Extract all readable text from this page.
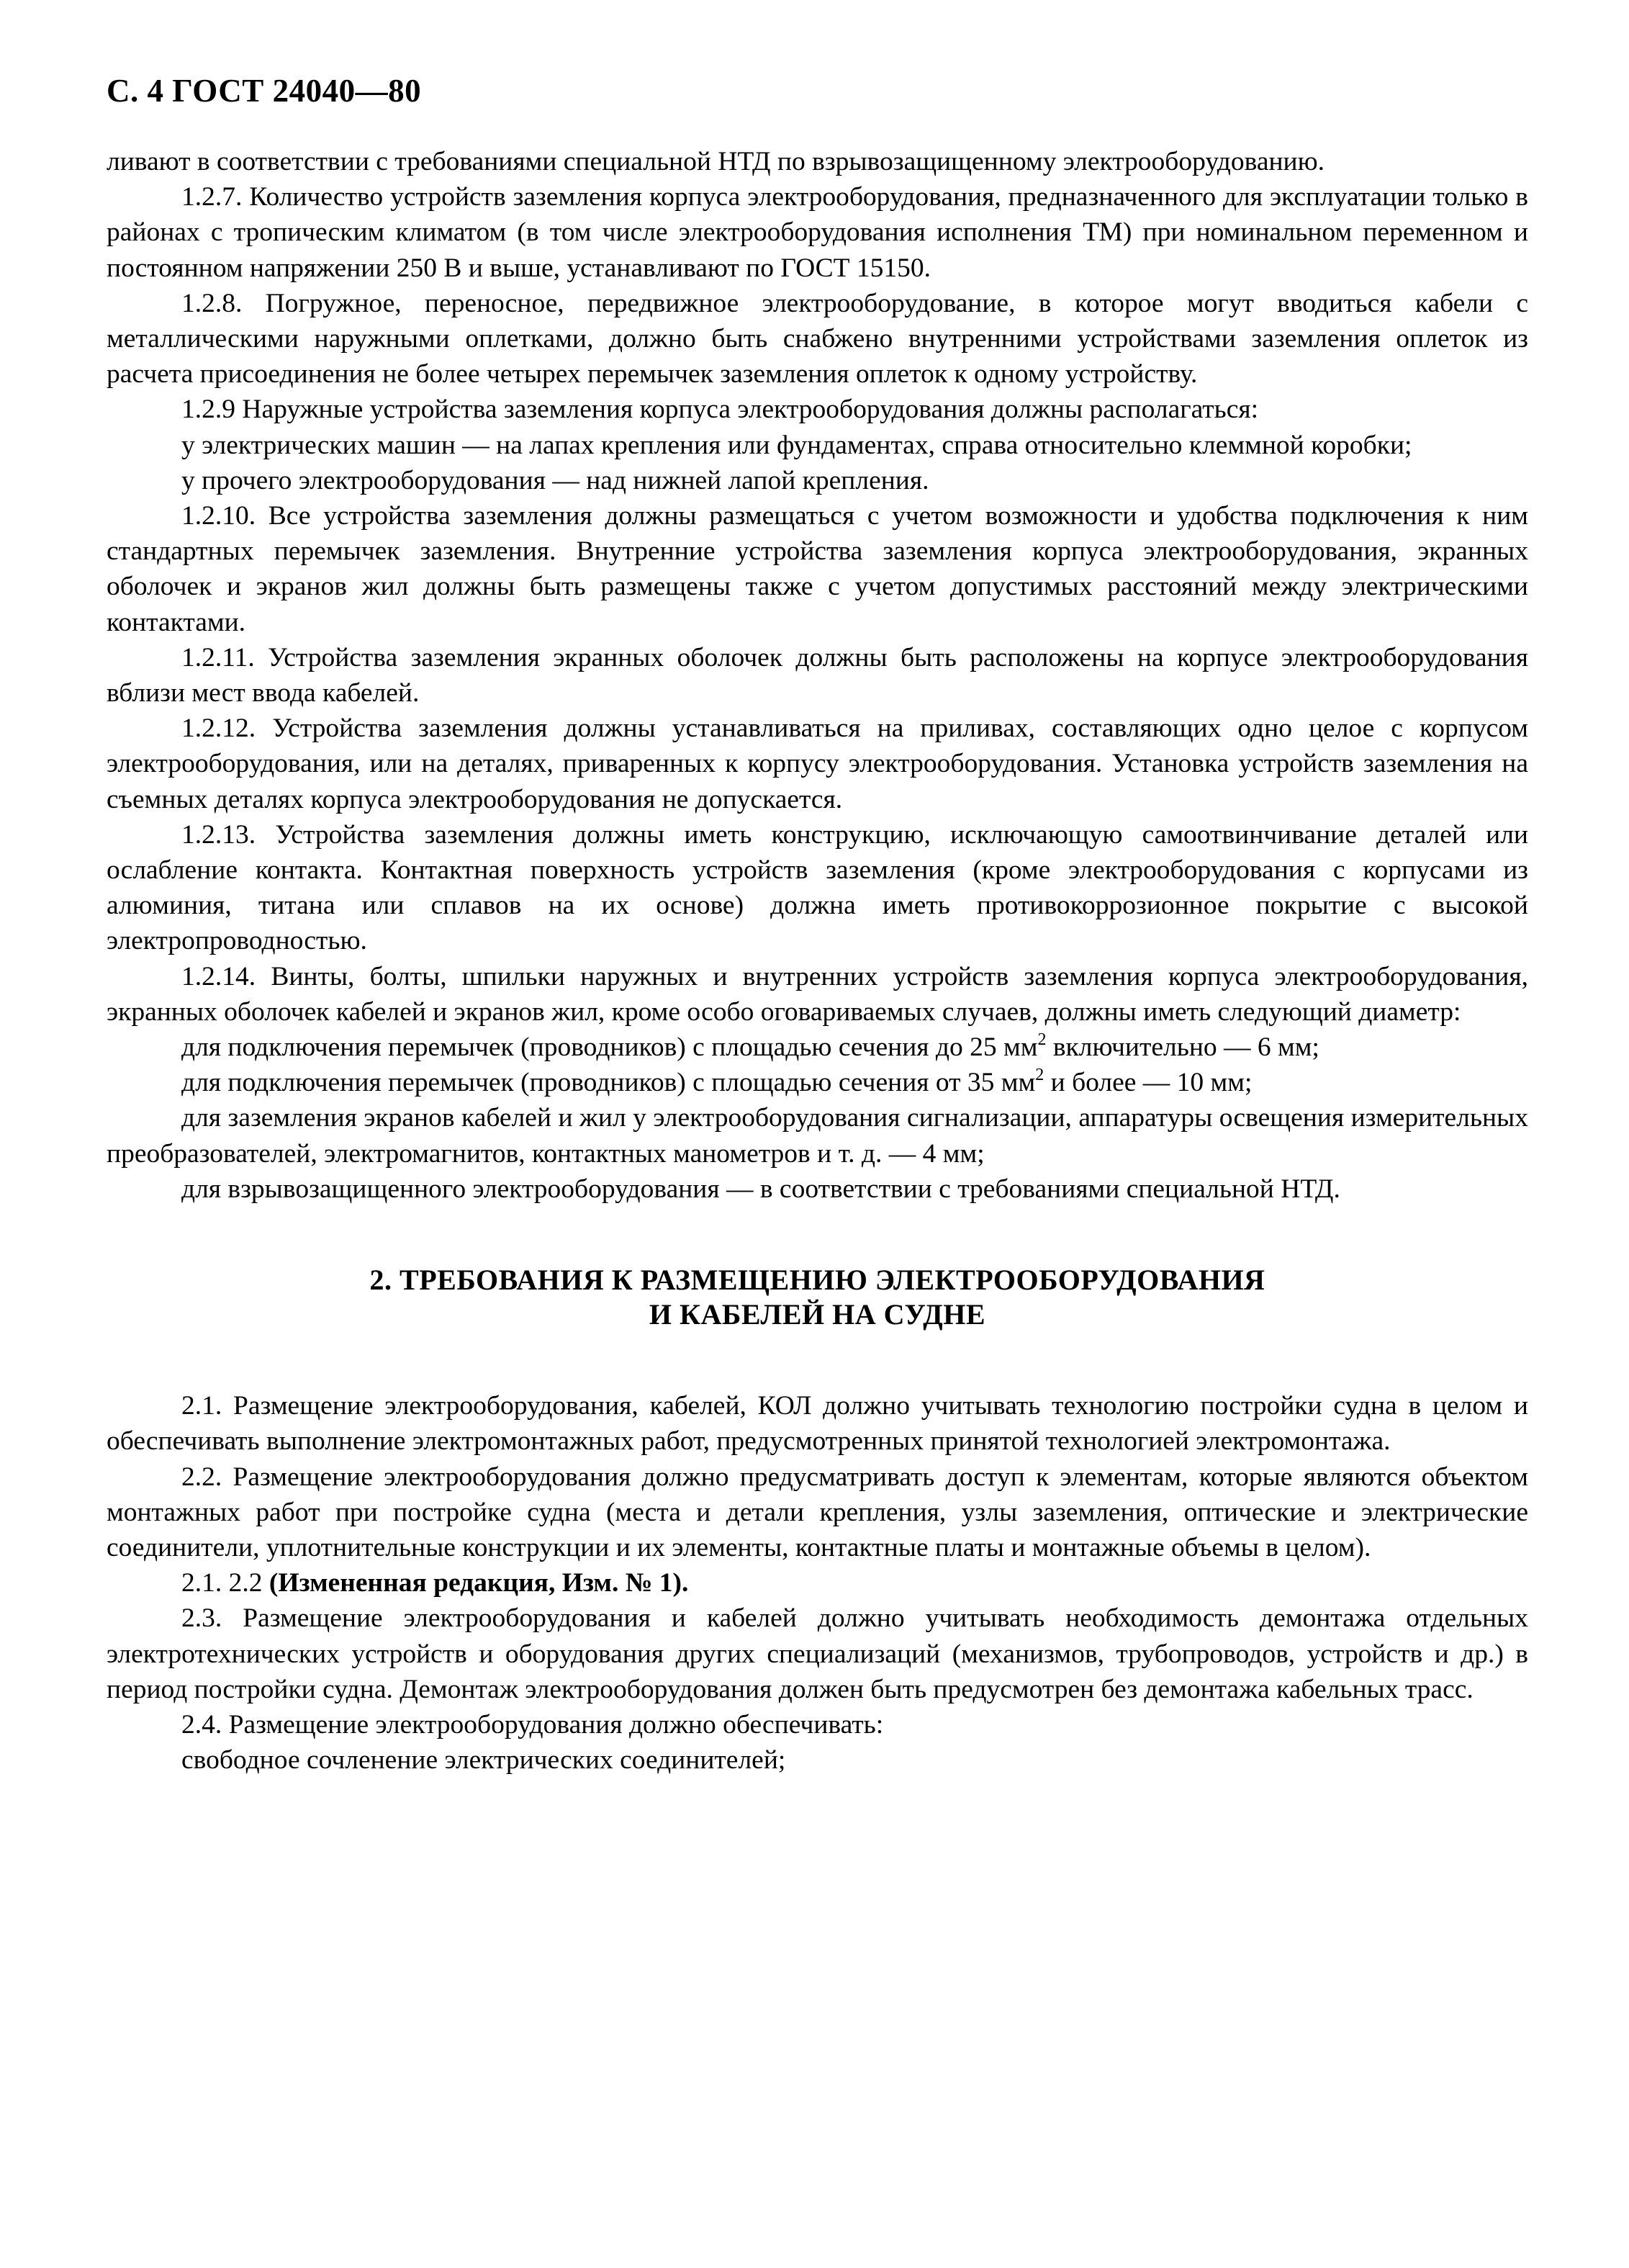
С. 4 ГОСТ 24040—80

ливают в соответствии с требованиями специальной НТД по взрывозащищенному электрооборудованию.

1.2.7. Количество устройств заземления корпуса электрооборудования, предназначенного для эксплуатации только в районах с тропическим климатом (в том числе электрооборудования исполнения ТМ) при номинальном переменном и постоянном напряжении 250 В и выше, устанавливают по ГОСТ 15150.

1.2.8. Погружное, переносное, передвижное электрооборудование, в которое могут вводиться кабели с металлическими наружными оплетками, должно быть снабжено внутренними устройствами заземления оплеток из расчета присоединения не более четырех перемычек заземления оплеток к одному устройству.

1.2.9 Наружные устройства заземления корпуса электрооборудования должны располагаться:

у электрических машин — на лапах крепления или фундаментах, справа относительно клеммной коробки;

у прочего электрооборудования — над нижней лапой крепления.

1.2.10. Все устройства заземления должны размещаться с учетом возможности и удобства подключения к ним стандартных перемычек заземления. Внутренние устройства заземления корпуса электрооборудования, экранных оболочек и экранов жил должны быть размещены также с учетом допустимых расстояний между электрическими контактами.

1.2.11. Устройства заземления экранных оболочек должны быть расположены на корпусе электрооборудования вблизи мест ввода кабелей.

1.2.12. Устройства заземления должны устанавливаться на приливах, составляющих одно целое с корпусом электрооборудования, или на деталях, приваренных к корпусу электрооборудования. Установка устройств заземления на съемных деталях корпуса электрооборудования не допускается.

1.2.13. Устройства заземления должны иметь конструкцию, исключающую самоотвинчивание деталей или ослабление контакта. Контактная поверхность устройств заземления (кроме электрооборудования с корпусами из алюминия, титана или сплавов на их основе) должна иметь противокоррозионное покрытие с высокой электропроводностью.

1.2.14. Винты, болты, шпильки наружных и внутренних устройств заземления корпуса электрооборудования, экранных оболочек кабелей и экранов жил, кроме особо оговариваемых случаев, должны иметь следующий диаметр:

для подключения перемычек (проводников) с площадью сечения до 25 $мм^2$ включительно — 6 мм;

для подключения перемычек (проводников) с площадью сечения от 35 $мм^2$ и более — 10 мм;

для заземления экранов кабелей и жил у электрооборудования сигнализации, аппаратуры освещения измерительных преобразователей, электромагнитов, контактных манометров и т. д. — 4 мм;

для взрывозащищенного электрооборудования — в соответствии с требованиями специальной НТД.

2. ТРЕБОВАНИЯ К РАЗМЕЩЕНИЮ ЭЛЕКТРООБОРУДОВАНИЯ
И КАБЕЛЕЙ НА СУДНЕ

2.1. Размещение электрооборудования, кабелей, КОЛ должно учитывать технологию постройки судна в целом и обеспечивать выполнение электромонтажных работ, предусмотренных принятой технологией электромонтажа.

2.2. Размещение электрооборудования должно предусматривать доступ к элементам, которые являются объектом монтажных работ при постройке судна (места и детали крепления, узлы заземления, оптические и электрические соединители, уплотнительные конструкции и их элементы, контактные платы и монтажные объемы в целом).

2.1. 2.2 (Измененная редакция, Изм. № 1).

2.3. Размещение электрооборудования и кабелей должно учитывать необходимость демонтажа отдельных электротехнических устройств и оборудования других специализаций (механизмов, трубопроводов, устройств и др.) в период постройки судна. Демонтаж электрооборудования должен быть предусмотрен без демонтажа кабельных трасс.

2.4. Размещение электрооборудования должно обеспечивать:

свободное сочленение электрических соединителей;
